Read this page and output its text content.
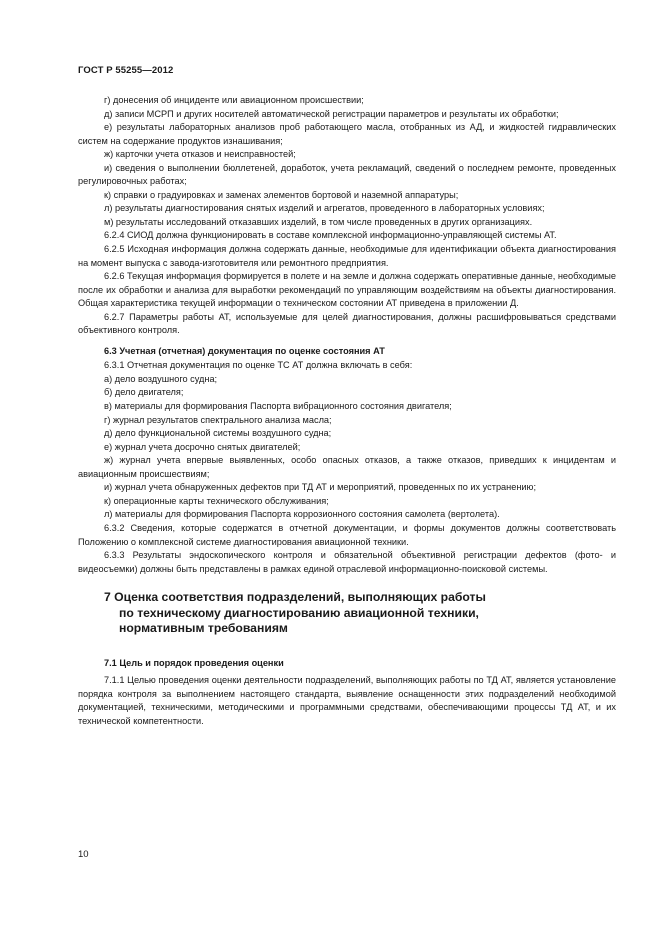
ГОСТ Р 55255—2012

г) донесения об инциденте или авиационном происшествии;

д) записи МСРП и других носителей автоматической регистрации параметров и результаты их обработки;

е) результаты лабораторных анализов проб работающего масла, отобранных из АД, и жидкостей гидравлических систем на содержание продуктов изнашивания;

ж) карточки учета отказов и неисправностей;

и) сведения о выполнении бюллетеней, доработок, учета рекламаций, сведений о последнем ремонте, проведенных регулировочных работах;

к) справки о градуировках и заменах элементов бортовой и наземной аппаратуры;

л) результаты диагностирования снятых изделий и агрегатов, проведенного в лабораторных условиях;

м) результаты исследований отказавших изделий, в том числе проведенных в других организациях.

6.2.4 СИОД должна функционировать в составе комплексной информационно-управляющей системы АТ.

6.2.5 Исходная информация должна содержать данные, необходимые для идентификации объекта диагностирования на момент выпуска с завода-изготовителя или ремонтного предприятия.

6.2.6 Текущая информация формируется в полете и на земле и должна содержать оперативные данные, необходимые после их обработки и анализа для выработки рекомендаций по управляющим воздействиям на объекты диагностирования. Общая характеристика текущей информации о техническом состоянии АТ приведена в приложении Д.

6.2.7 Параметры работы АТ, используемые для целей диагностирования, должны расшифровываться средствами объективного контроля.

6.3 Учетная (отчетная) документация по оценке состояния АТ

6.3.1 Отчетная документация по оценке ТС АТ должна включать в себя:

а) дело воздушного судна;

б) дело двигателя;

в) материалы для формирования Паспорта вибрационного состояния двигателя;

г) журнал результатов спектрального анализа масла;

д) дело функциональной системы воздушного судна;

е) журнал учета досрочно снятых двигателей;

ж) журнал учета впервые выявленных, особо опасных отказов, а также отказов, приведших к инцидентам и авиационным происшествиям;

и) журнал учета обнаруженных дефектов при ТД АТ и мероприятий, проведенных по их устранению;

к) операционные карты технического обслуживания;

л) материалы для формирования Паспорта коррозионного состояния самолета (вертолета).

6.3.2 Сведения, которые содержатся в отчетной документации, и формы документов должны соответствовать Положению о комплексной системе диагностирования авиационной техники.

6.3.3 Результаты эндоскопического контроля и обязательной объективной регистрации дефектов (фото- и видеосъемки) должны быть представлены в рамках единой отраслевой информационно-поисковой системы.

7 Оценка соответствия подразделений, выполняющих работы
по техническому диагностированию авиационной техники,
нормативным требованиям

7.1 Цель и порядок проведения оценки

7.1.1 Целью проведения оценки деятельности подразделений, выполняющих работы по ТД АТ, является установление порядка контроля за выполнением настоящего стандарта, выявление оснащенности этих подразделений необходимой документацией, техническими, методическими и программными средствами, обеспечивающими процессы ТД АТ, и их технической компетентности.

10
